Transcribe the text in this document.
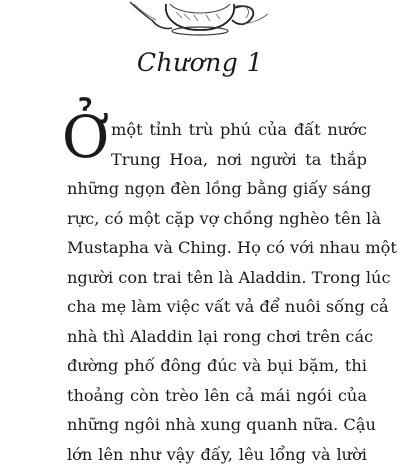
Chương 1
Ở một tỉnh trù phú của đất nước
Trung Hoa, nơi người ta thắp
những ngọn đèn lồng bằng giấy sáng
rực, có một cặp vợ chồng nghèo tên là
Mustapha và Ching. Họ có với nhau một
người con trai tên là Aladdin. Trong lúc
cha mẹ làm việc vất vả để nuôi sống cả
nhà thì Aladdin lại rong chơi trên các
đường phố đông đúc và bụi bặm, thi
thoảng còn trèo lên cả mái ngói của
những ngôi nhà xung quanh nữa. Cậu
lớn lên như vậy đấy, lêu lổng và lười
